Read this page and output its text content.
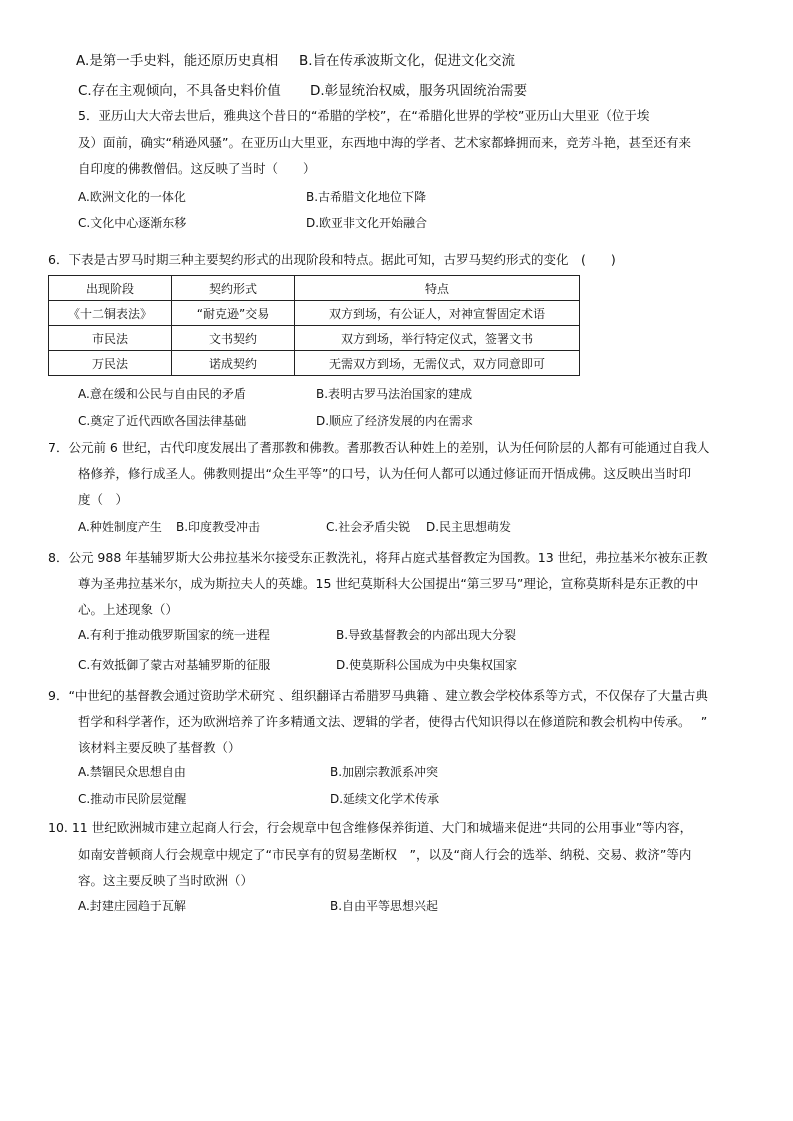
A.是第一手史料，能还原历史真相 B.旨在传承波斯文化，促进文化交流
C.存在主观倾向，不具备史料价值 D.彰显统治权威，服务巩固统治需要
5．亚历山大大帝去世后，雅典这个昔日的“希腊的学校”，在“希腊化世界的学校”亚历山大里亚（位于埃
及）面前，确实“稍逊风骚”。在亚历山大里亚，东西地中海的学者、艺术家都蜂拥而来，竞芳斗艳，甚至还有来
自印度的佛教僧侣。这反映了当时（　　）
A.欧洲文化的一体化	B.古希腊文化地位下降
C.文化中心逐渐东移	D.欧亚非文化开始融合
6．下表是古罗马时期三种主要契约形式的出现阶段和特点。据此可知，古罗马契约形式的变化　(　　)
出现阶段	契约形式	特点
《十二铜表法》	“耐克逊”交易	双方到场，有公证人，对神宣誓固定术语
市民法	文书契约	双方到场，举行特定仪式，签署文书
万民法	诺成契约	无需双方到场，无需仪式，双方同意即可
A.意在缓和公民与自由民的矛盾	B.表明古罗马法治国家的建成
C.奠定了近代西欧各国法律基础	D.顺应了经济发展的内在需求
7．公元前 6 世纪，古代印度发展出了耆那教和佛教。耆那教否认种姓上的差别，认为任何阶层的人都有可能通过自我人
格修养，修行成圣人。佛教则提出“众生平等”的口号，认为任何人都可以通过修证而开悟成佛。这反映出当时印
度（　）
A.种姓制度产生 B.印度教受冲击	C.社会矛盾尖锐 D.民主思想萌发
8．公元 988 年基辅罗斯大公弗拉基米尔接受东正教洗礼，将拜占庭式基督教定为国教。13 世纪，弗拉基米尔被东正教
尊为圣弗拉基米尔，成为斯拉夫人的英雄。15 世纪莫斯科大公国提出“第三罗马”理论，宣称莫斯科是东正教的中
心。上述现象（）
A.有利于推动俄罗斯国家的统一进程	B.导致基督教会的内部出现大分裂
C.有效抵御了蒙古对基辅罗斯的征服	D.使莫斯科公国成为中央集权国家
9．“中世纪的基督教会通过资助学术研究 、组织翻译古希腊罗马典籍 、建立教会学校体系等方式，不仅保存了大量古典
哲学和科学著作，还为欧洲培养了许多精通文法、逻辑的学者，使得古代知识得以在修道院和教会机构中传承。　 ”
该材料主要反映了基督教（）
A.禁锢民众思想自由	B.加剧宗教派系冲突
C.推动市民阶层觉醒	D.延续文化学术传承
10. 11 世纪欧洲城市建立起商人行会，行会规章中包含维修保养街道、大门和城墙来促进“共同的公用事业”等内容，
如南安普顿商人行会规章中规定了“市民享有的贸易垄断权　”，以及“商人行会的选举、纳税、交易、救济”等内
容。这主要反映了当时欧洲（）
A.封建庄园趋于瓦解	B.自由平等思想兴起
